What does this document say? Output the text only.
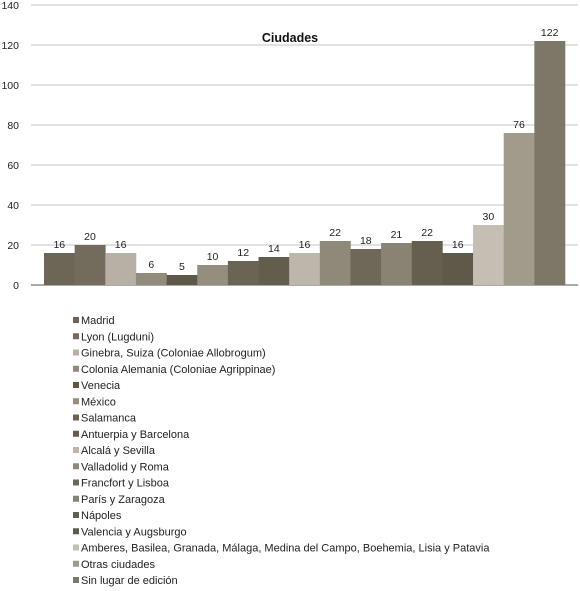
0
20
40
60
80
100
120
140
Ciudades
16
20
16
6 5
10 12 14 16
22
18 21 22
16
30
76
122
Madrid
Lyon (Lugduni)
Ginebra, Suiza (Coloniae Allobrogum)
Colonia Alemania (Coloniae Agrippinae)
Venecia
México
Salamanca
Antuerpia y Barcelona
Alcalá y Sevilla
Valladolid y Roma
Francfort y Lisboa
París y Zaragoza
Nápoles
Valencia y Augsburgo
Amberes, Basilea, Granada, Málaga, Medina del Campo, Boehemia, Lisia y Patavia
Otras ciudades
Sin lugar de edición
